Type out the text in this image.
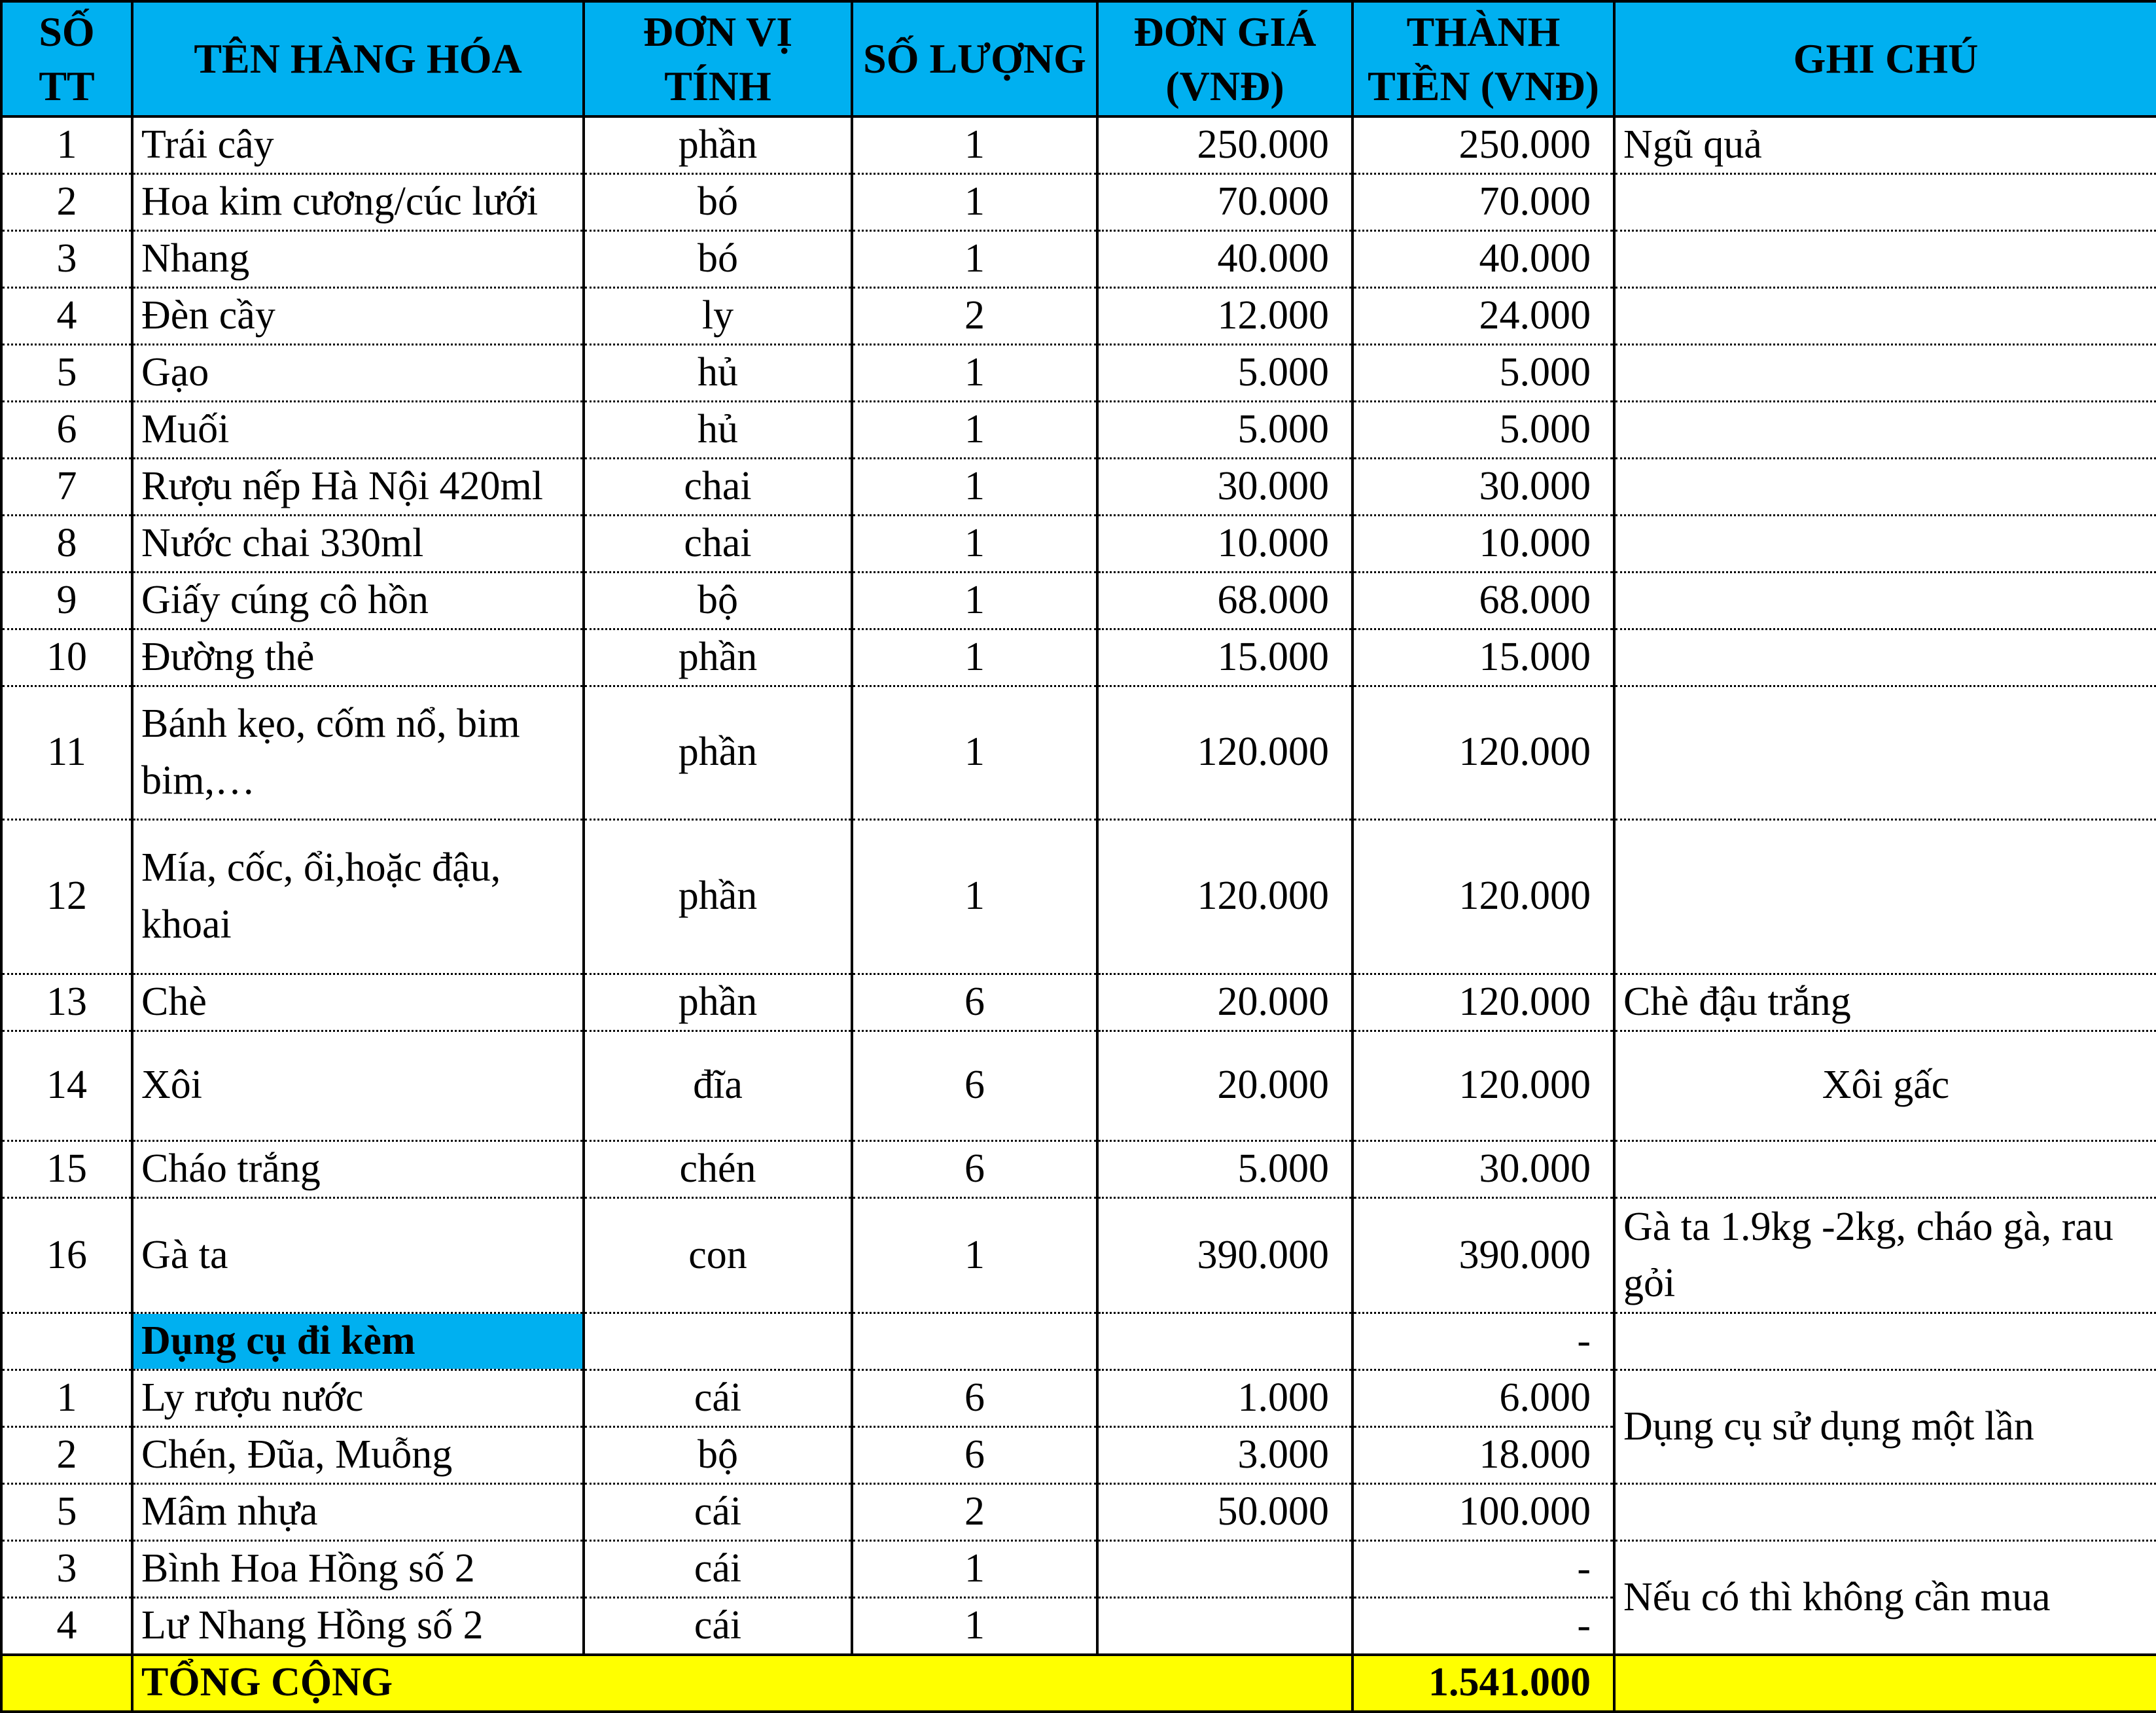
SỐ TT	TÊN HÀNG HÓA	ĐƠN VỊ TÍNH	SỐ LƯỢNG	ĐƠN GIÁ (VNĐ)	THÀNH TIỀN (VNĐ)	GHI CHÚ
1	Trái cây	phần	1	250.000	250.000	Ngũ quả
2	Hoa kim cương/cúc lưới	bó	1	70.000	70.000	
3	Nhang	bó	1	40.000	40.000	
4	Đèn cầy	ly	2	12.000	24.000	
5	Gạo	hủ	1	5.000	5.000	
6	Muối	hủ	1	5.000	5.000	
7	Rượu nếp Hà Nội 420ml	chai	1	30.000	30.000	
8	Nước chai 330ml	chai	1	10.000	10.000	
9	Giấy cúng cô hồn	bộ	1	68.000	68.000	
10	Đường thẻ	phần	1	15.000	15.000	
11	Bánh kẹo, cốm nổ, bim bim,…	phần	1	120.000	120.000	
12	Mía, cốc, ổi,hoặc đậu, khoai	phần	1	120.000	120.000	
13	Chè	phần	6	20.000	120.000	Chè đậu trắng
14	Xôi	đĩa	6	20.000	120.000	Xôi gấc
15	Cháo trắng	chén	6	5.000	30.000	
16	Gà ta	con	1	390.000	390.000	Gà ta 1.9kg -2kg, cháo gà, rau gỏi
	Dụng cụ đi kèm				-	
1	Ly rượu nước	cái	6	1.000	6.000	Dụng cụ sử dụng một lần
2	Chén, Đũa, Muỗng	bộ	6	3.000	18.000	
5	Mâm nhựa	cái	2	50.000	100.000	
3	Bình Hoa Hồng số 2	cái	1		-	Nếu có thì không cần mua
4	Lư Nhang Hồng số 2	cái	1		-	
	TỔNG CỘNG				1.541.000	
